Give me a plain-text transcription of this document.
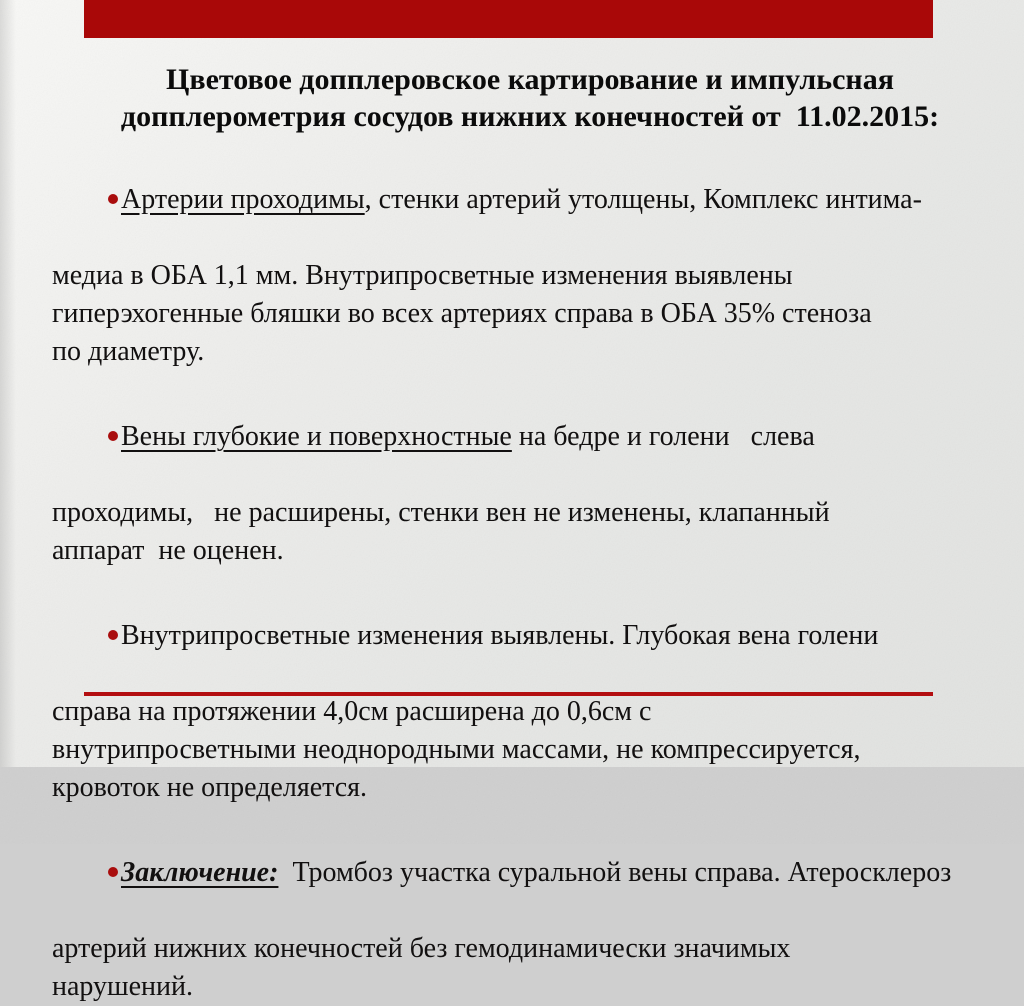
Цветовое допплеровское картирование и импульсная
допплерометрия сосудов нижних конечностей от  11.02.2015:

Артерии проходимы, стенки артерий утолщены, Комплекс интима-

медиа в ОБА 1,1 мм. Внутрипросветные изменения выявлены
гиперэхогенные бляшки во всех артериях справа в ОБА 35% стеноза
по диаметру.

Вены глубокие и поверхностные на бедре и голени   слева

проходимы,   не расширены, стенки вен не изменены, клапанный
аппарат  не оценен.

Внутрипросветные изменения выявлены. Глубокая вена голени

справа на протяжении 4,0см расширена до 0,6см с
внутрипросветными неоднородными массами, не компрессируется,
кровоток не определяется.

Заключение:  Тромбоз участка суральной вены справа. Атеросклероз

артерий нижних конечностей без гемодинамически значимых
нарушений.
